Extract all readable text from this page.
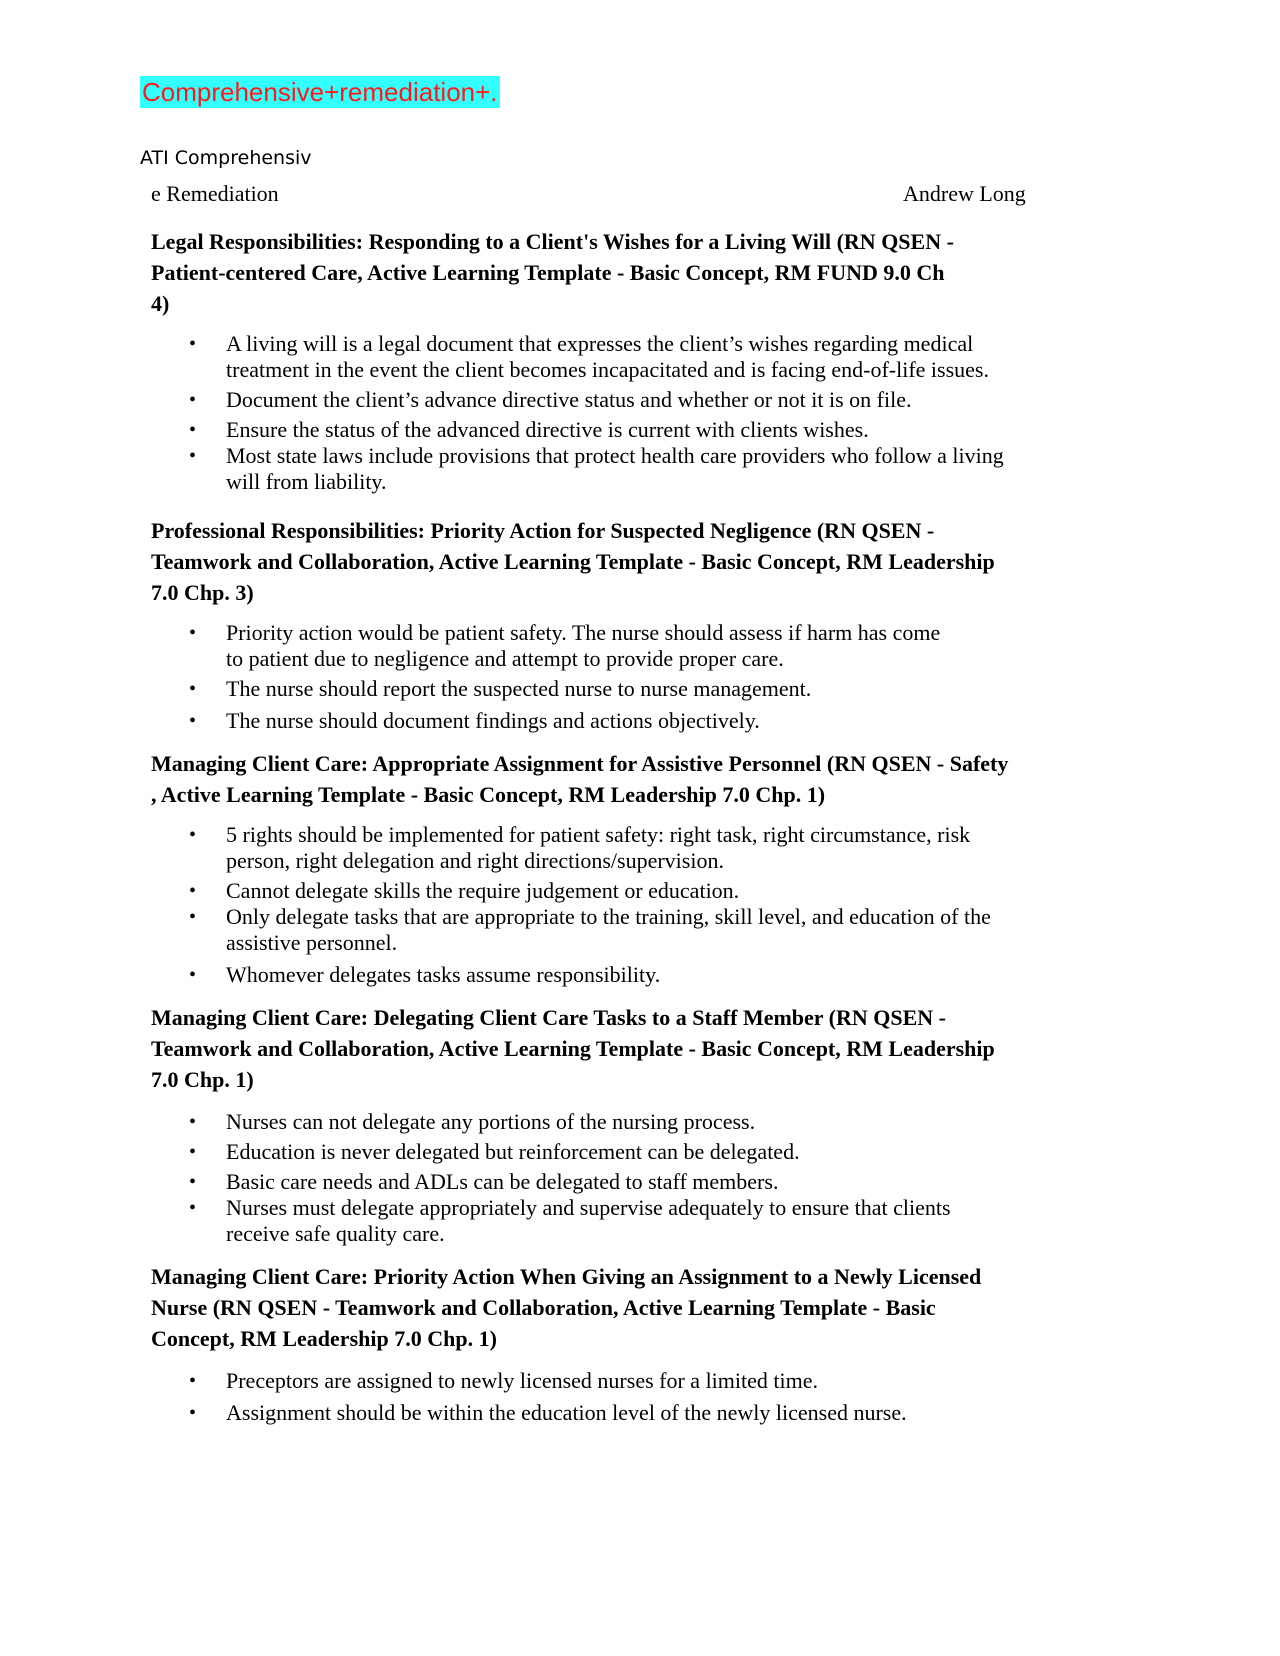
Comprehensive+remediation+.
ATI Comprehensiv
e Remediation	Andrew Long
Legal Responsibilities: Responding to a Client's Wishes for a Living Will (RN QSEN -
Patient-centered Care, Active Learning Template - Basic Concept, RM FUND 9.0 Ch
4)
• A living will is a legal document that expresses the client’s wishes regarding medical
treatment in the event the client becomes incapacitated and is facing end-of-life issues.
• Document the client’s advance directive status and whether or not it is on file.
• Ensure the status of the advanced directive is current with clients wishes.
• Most state laws include provisions that protect health care providers who follow a living
will from liability.
Professional Responsibilities: Priority Action for Suspected Negligence (RN QSEN -
Teamwork and Collaboration, Active Learning Template - Basic Concept, RM Leadership
7.0 Chp. 3)
• Priority action would be patient safety. The nurse should assess if harm has come
to patient due to negligence and attempt to provide proper care.
• The nurse should report the suspected nurse to nurse management.
• The nurse should document findings and actions objectively.
Managing Client Care: Appropriate Assignment for Assistive Personnel (RN QSEN - Safety
, Active Learning Template - Basic Concept, RM Leadership 7.0 Chp. 1)
• 5 rights should be implemented for patient safety: right task, right circumstance, risk
person, right delegation and right directions/supervision.
• Cannot delegate skills the require judgement or education.
• Only delegate tasks that are appropriate to the training, skill level, and education of the
assistive personnel.
• Whomever delegates tasks assume responsibility.
Managing Client Care: Delegating Client Care Tasks to a Staff Member (RN QSEN -
Teamwork and Collaboration, Active Learning Template - Basic Concept, RM Leadership
7.0 Chp. 1)
• Nurses can not delegate any portions of the nursing process.
• Education is never delegated but reinforcement can be delegated.
• Basic care needs and ADLs can be delegated to staff members.
• Nurses must delegate appropriately and supervise adequately to ensure that clients
receive safe quality care.
Managing Client Care: Priority Action When Giving an Assignment to a Newly Licensed
Nurse (RN QSEN - Teamwork and Collaboration, Active Learning Template - Basic
Concept, RM Leadership 7.0 Chp. 1)
• Preceptors are assigned to newly licensed nurses for a limited time.
• Assignment should be within the education level of the newly licensed nurse.
